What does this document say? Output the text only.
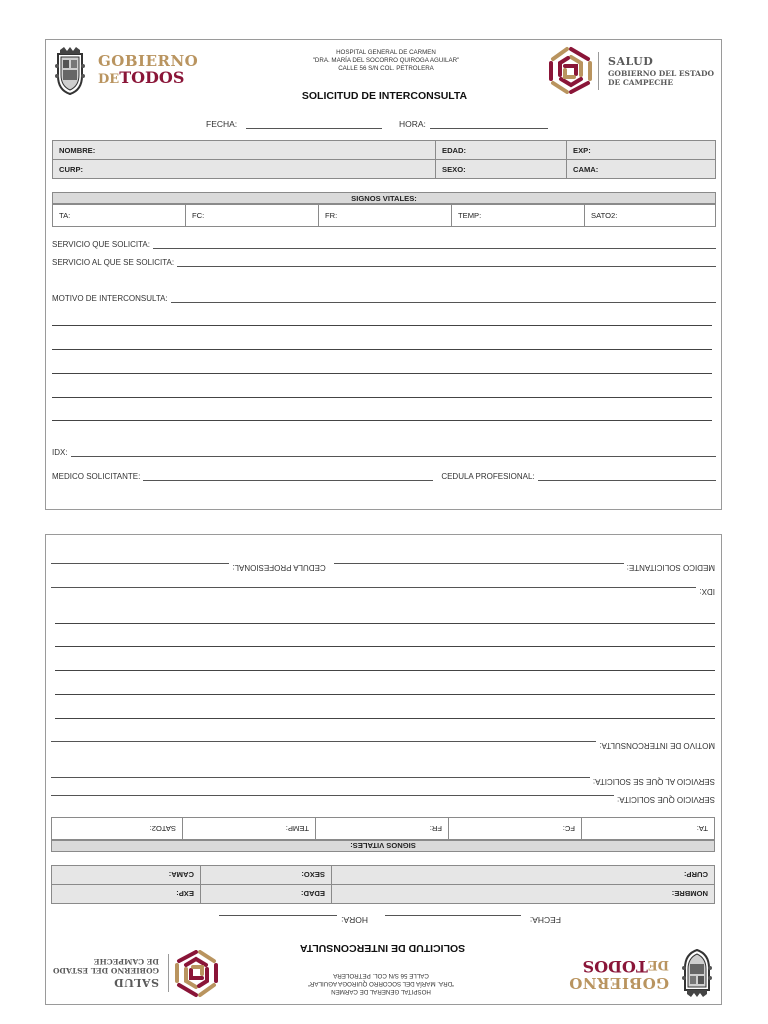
GOBIERNO
DETODOS
HOSPITAL GENERAL DE CARMEN
"DRA. MARÍA DEL SOCORRO QUIROGA AGUILAR"
CALLE 56 S/N COL. PETROLERA
SALUD
GOBIERNO DEL ESTADO
DE CAMPECHE
SOLICITUD DE INTERCONSULTA
FECHA:	HORA:
NOMBRE:	EDAD:	EXP:
CURP:	SEXO:	CAMA:
SIGNOS VITALES:
TA:	FC:	FR:	TEMP:	SATO2:
SERVICIO QUE SOLICITA:
SERVICIO AL QUE SE SOLICITA:
MOTIVO DE INTERCONSULTA:
IDX:
MEDICO SOLICITANTE:	CEDULA PROFESIONAL:
GOBIERNO
DETODOS
HOSPITAL GENERAL DE CARMEN
"DRA. MARÍA DEL SOCORRO QUIROGA AGUILAR"
CALLE 56 S/N COL. PETROLERA
SALUD
GOBIERNO DEL ESTADO
DE CAMPECHE
SOLICITUD DE INTERCONSULTA
FECHA:
HORA:
NOMBRE:	EDAD:	EXP:
CURP:	SEXO:	CAMA:
SIGNOS VITALES:
TA:	FC:	FR:	TEMP:	SATO2:
SERVICIO QUE SOLICITA:
SERVICIO AL QUE SE SOLICITA:
MOTIVO DE INTERCONSULTA:
IDX:
MEDICO SOLICITANTE:
CEDULA PROFESIONAL:
